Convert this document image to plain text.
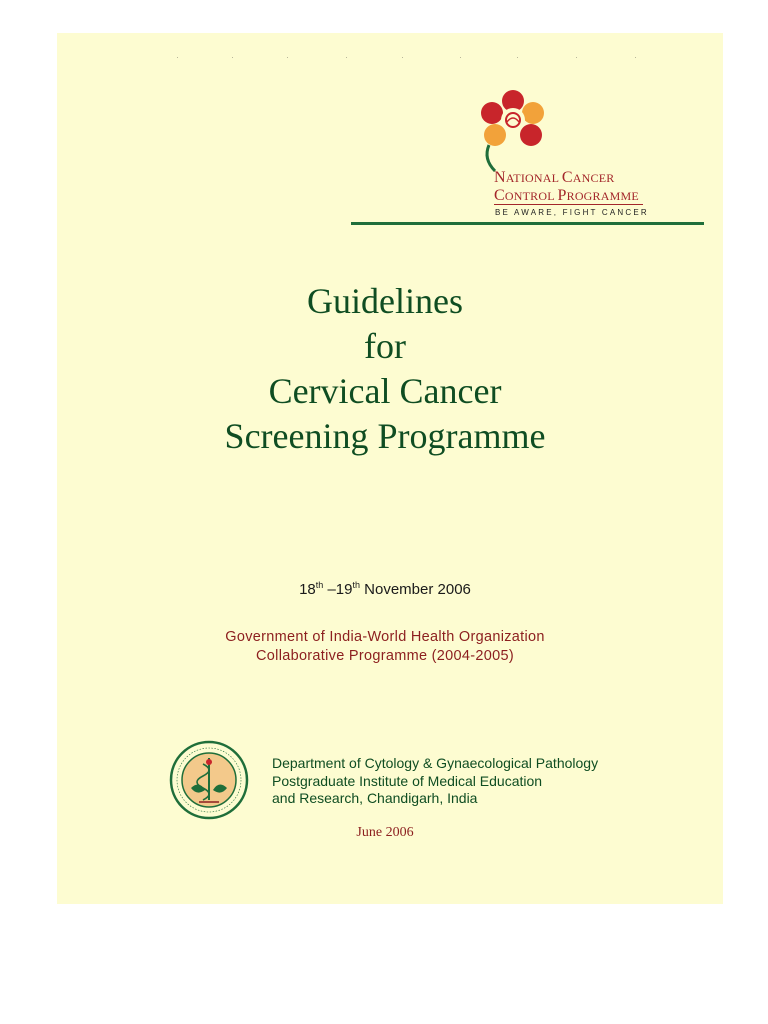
NATIONAL CANCER
CONTROL PROGRAMME
BE AWARE, FIGHT CANCER
Guidelines
for
Cervical Cancer
Screening Programme
18th –19th November 2006
Government of India-World Health Organization
Collaborative Programme (2004-2005)
Department of Cytology & Gynaecological Pathology
Postgraduate Institute of Medical Education
and Research, Chandigarh, India
June 2006
